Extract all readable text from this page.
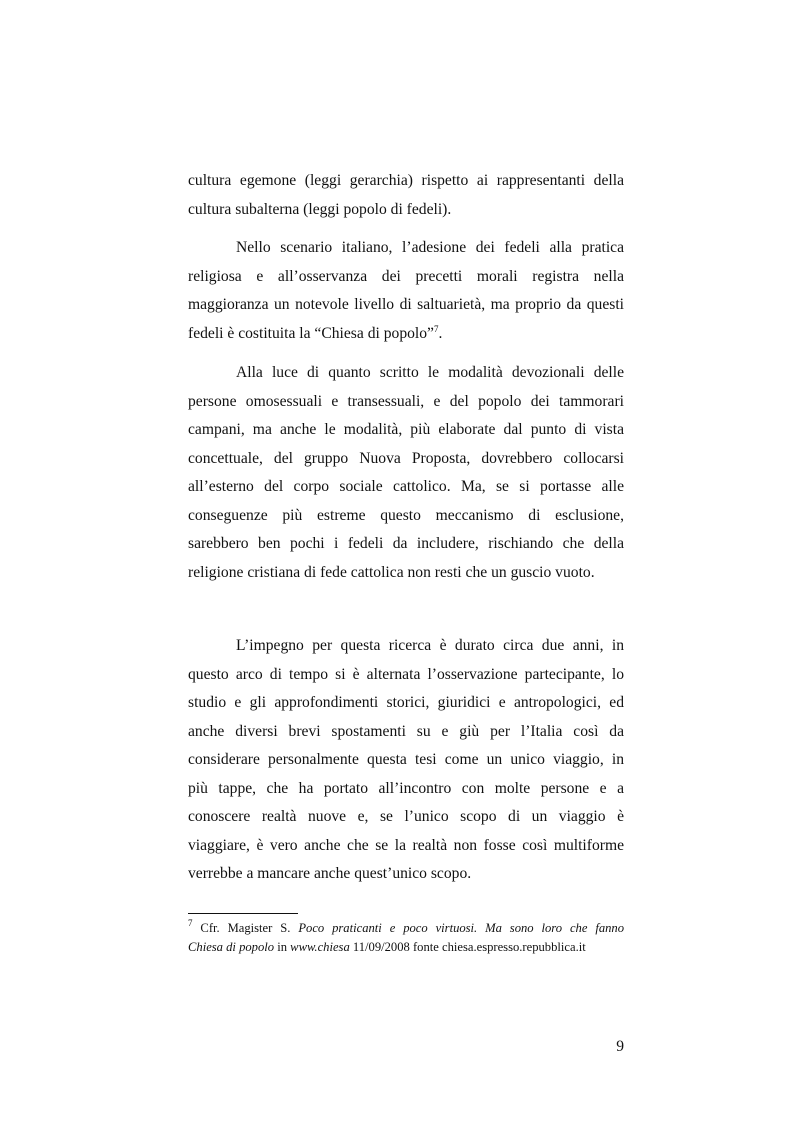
cultura egemone (leggi gerarchia) rispetto ai rappresentanti della
cultura subalterna (leggi popolo di fedeli).
Nello scenario italiano, l’adesione dei fedeli alla pratica
religiosa e all’osservanza dei precetti morali registra nella
maggioranza un notevole livello di saltuarietà, ma proprio da questi
fedeli è costituita la “Chiesa di popolo”$^7$.
Alla luce di quanto scritto le modalità devozionali delle
persone omosessuali e transessuali, e del popolo dei tammorari
campani, ma anche le modalità, più elaborate dal punto di vista
concettuale, del gruppo Nuova Proposta, dovrebbero collocarsi
all’esterno del corpo sociale cattolico. Ma, se si portasse alle
conseguenze più estreme questo meccanismo di esclusione,
sarebbero ben pochi i fedeli da includere, rischiando che della
religione cristiana di fede cattolica non resti che un guscio vuoto.
L’impegno per questa ricerca è durato circa due anni, in
questo arco di tempo si è alternata l’osservazione partecipante, lo
studio e gli approfondimenti storici, giuridici e antropologici, ed
anche diversi brevi spostamenti su e giù per l’Italia così da
considerare personalmente questa tesi come un unico viaggio, in
più tappe, che ha portato all’incontro con molte persone e a
conoscere realtà nuove e, se l’unico scopo di un viaggio è
viaggiare, è vero anche che se la realtà non fosse così multiforme
verrebbe a mancare anche quest’unico scopo.
$^7$ Cfr. Magister S. Poco praticanti e poco virtuosi. Ma sono loro che fanno
Chiesa di popolo in www.chiesa 11/09/2008 fonte chiesa.espresso.repubblica.it
9
